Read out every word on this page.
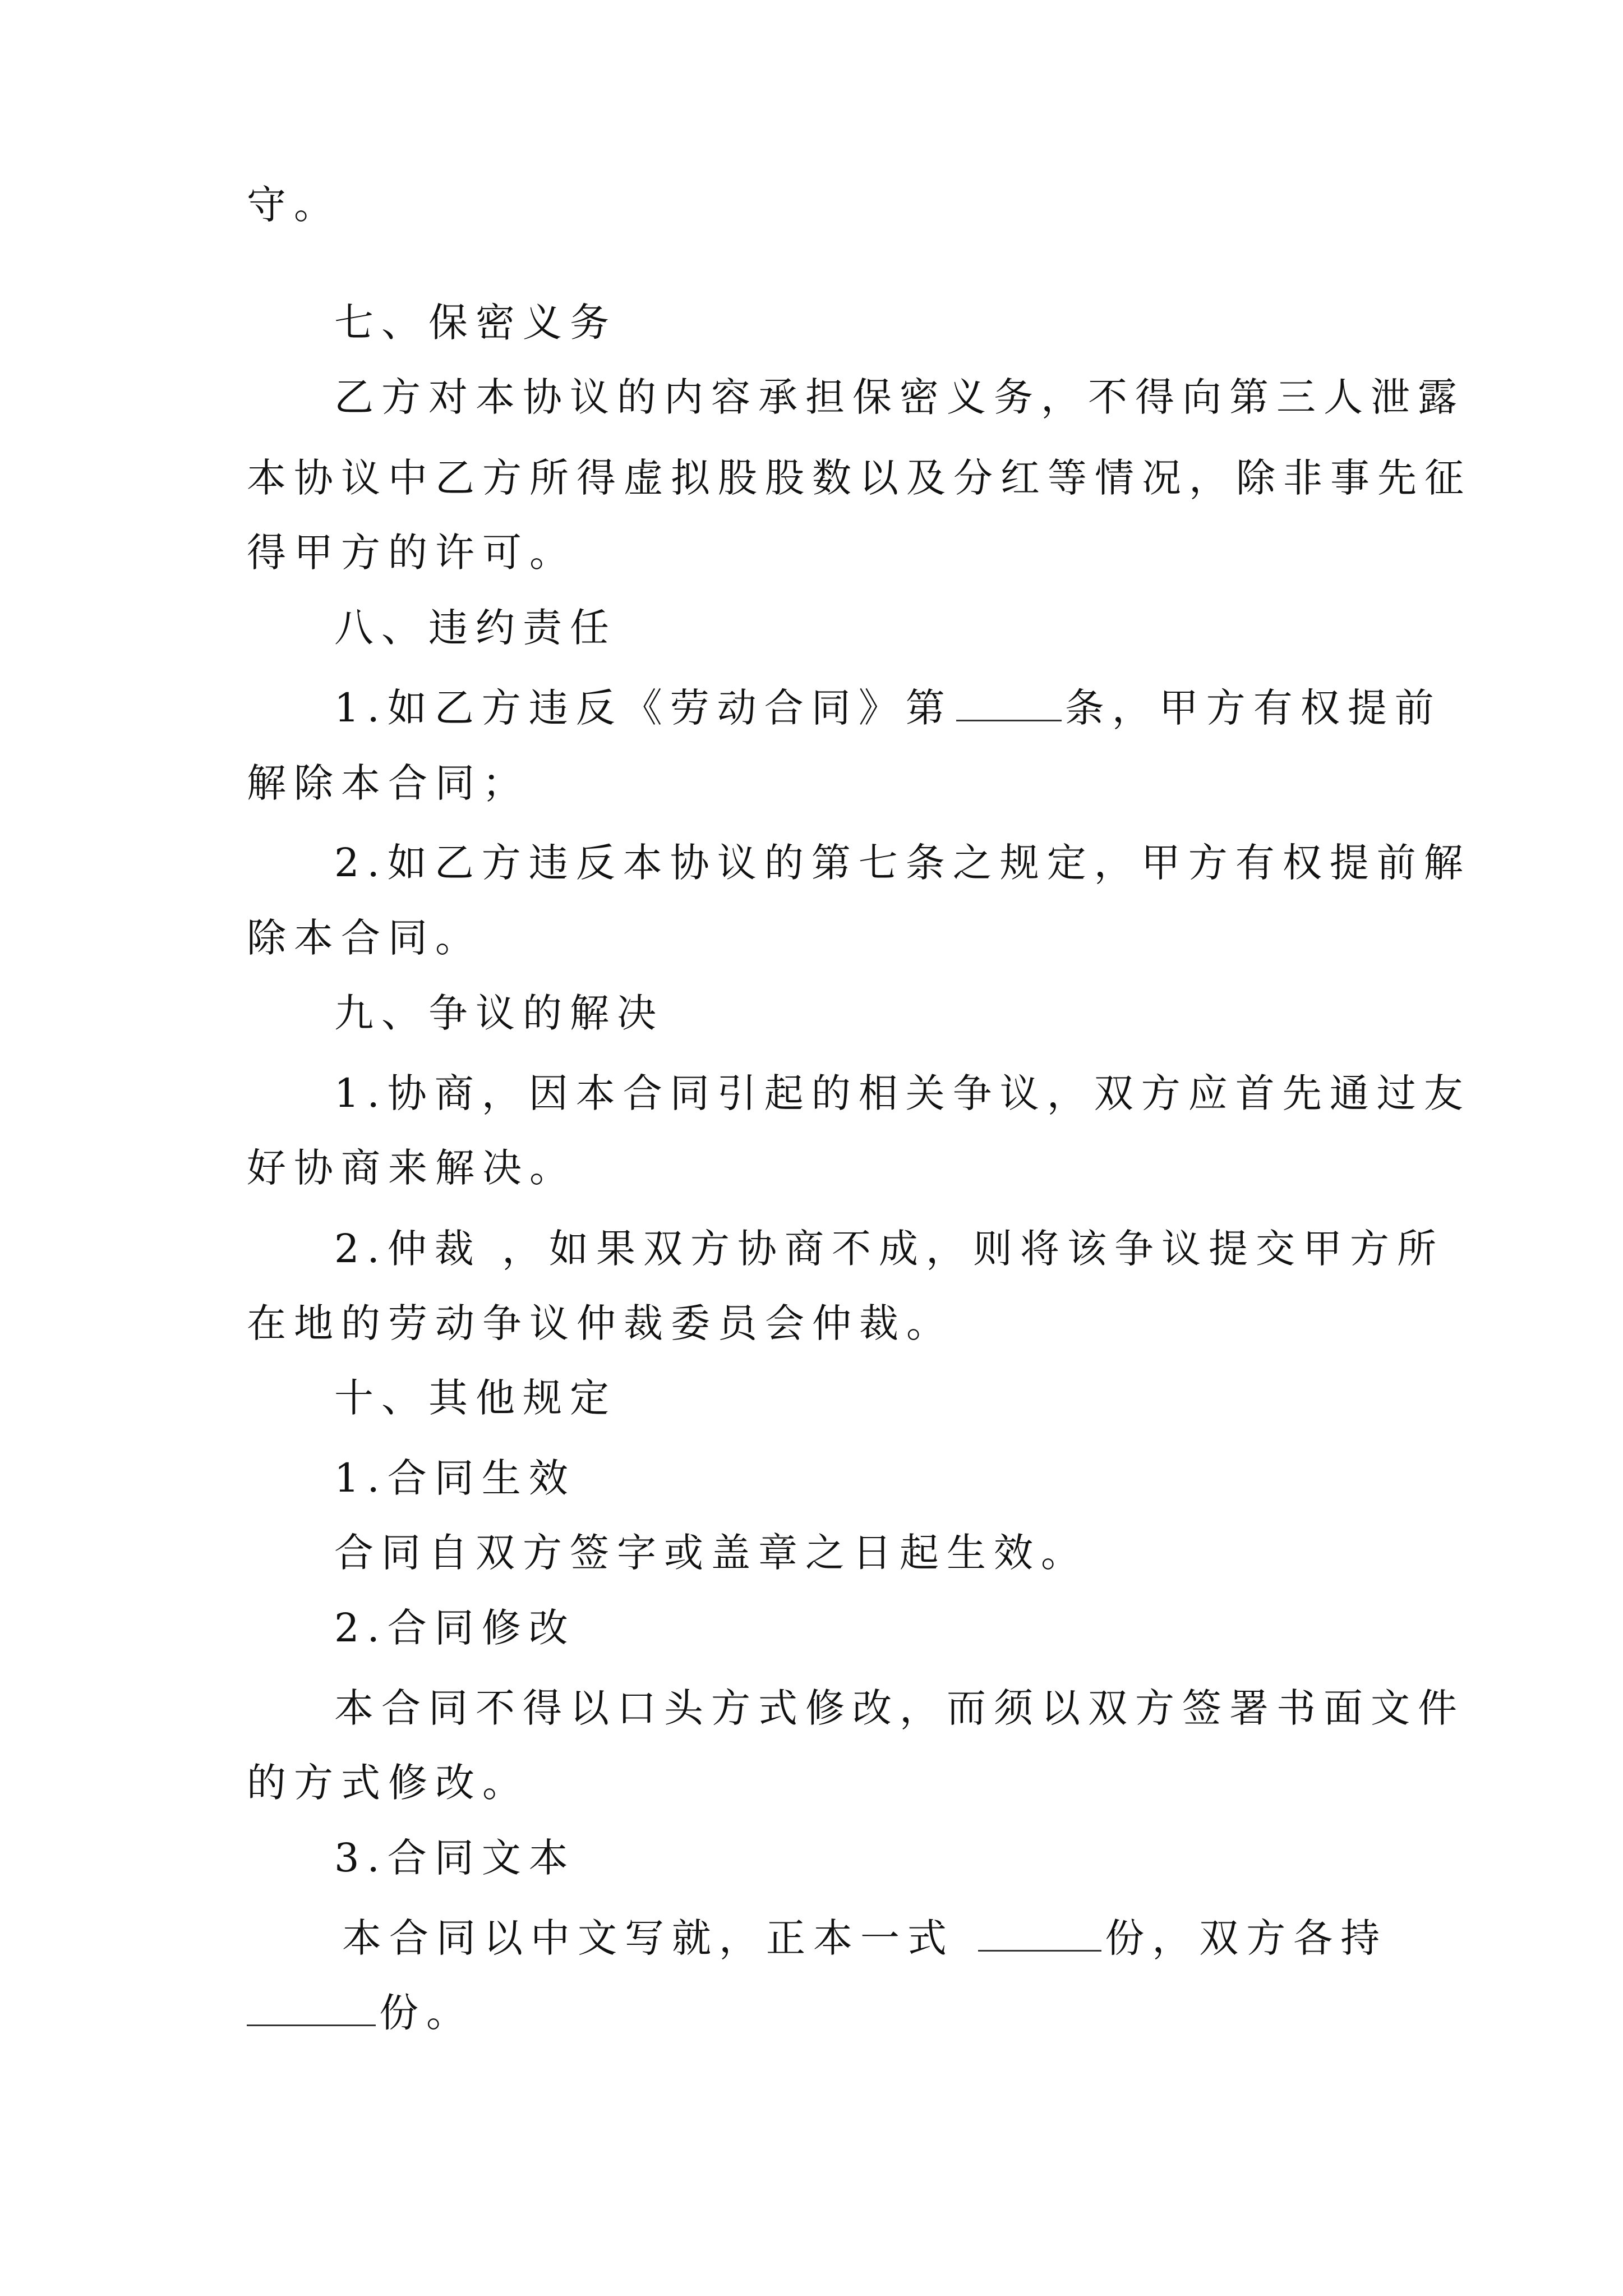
守。
七、保密义务
乙方对本协议的内容承担保密义务，不得向第三人泄露
本协议中乙方所得虚拟股股数以及分红等情况，除非事先征
得甲方的许可。
八、违约责任
1.如乙方违反《劳动合同》第	条，甲方有权提前
解除本合同；
2.如乙方违反本协议的第七条之规定，甲方有权提前解
除本合同。
九、争议的解决
1.协商，因本合同引起的相关争议，双方应首先通过友
好协商来解决。
2.仲裁 ，如果双方协商不成，则将该争议提交甲方所
在地的劳动争议仲裁委员会仲裁。
十、其他规定
1.合同生效
合同自双方签字或盖章之日起生效。
2.合同修改
本合同不得以口头方式修改，而须以双方签署书面文件
的方式修改。
3.合同文本
本合同以中文写就，正本一式	份，双方各持
份。
